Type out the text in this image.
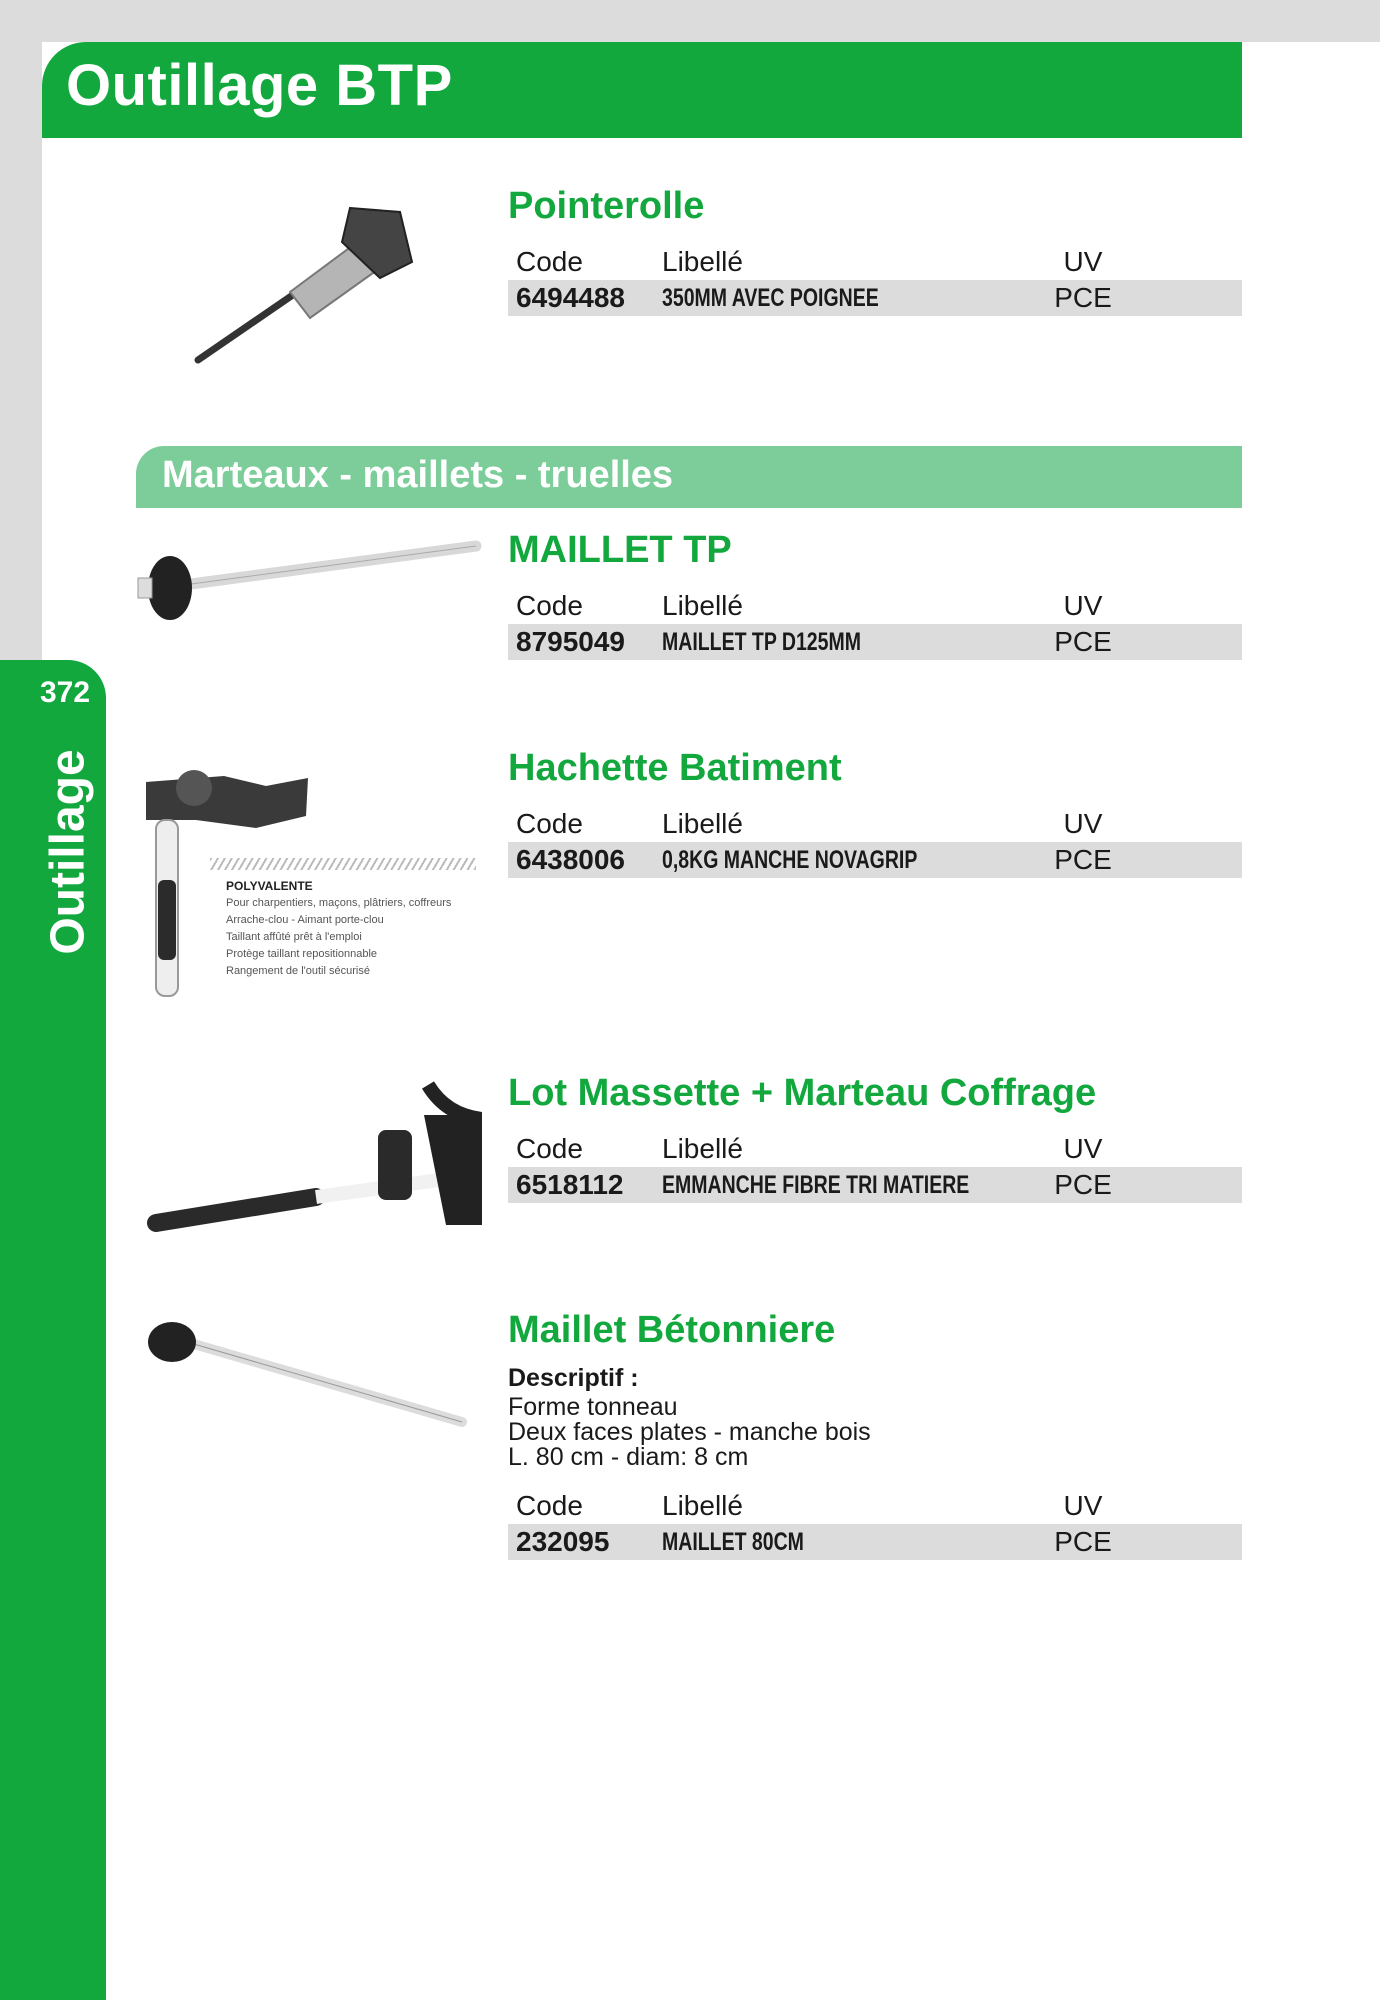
372
Outillage
Outillage BTP
Marteaux - maillets - truelles
POLYVALENTE
Pour charpentiers, maçons, plâtriers, coffreurs
Arrache-clou - Aimant porte-clou
Taillant affûté prêt à l'emploi
Protège taillant repositionnable
Rangement de l'outil sécurisé
Pointerolle
Code	Libellé	UV
6494488 350MM AVEC POIGNEE	PCE
MAILLET TP
Code	Libellé	UV
8795049 MAILLET TP D125MM	PCE
Hachette Batiment
Code	Libellé	UV
6438006 0,8KG MANCHE NOVAGRIP	PCE
Lot Massette + Marteau Coffrage
Code	Libellé	UV
6518112 EMMANCHE FIBRE TRI MATIERE	PCE
Maillet Bétonniere
Descriptif :
Forme tonneau
Deux faces plates - manche bois
L. 80 cm - diam: 8 cm
Code	Libellé	UV
232095 MAILLET 80CM	PCE
